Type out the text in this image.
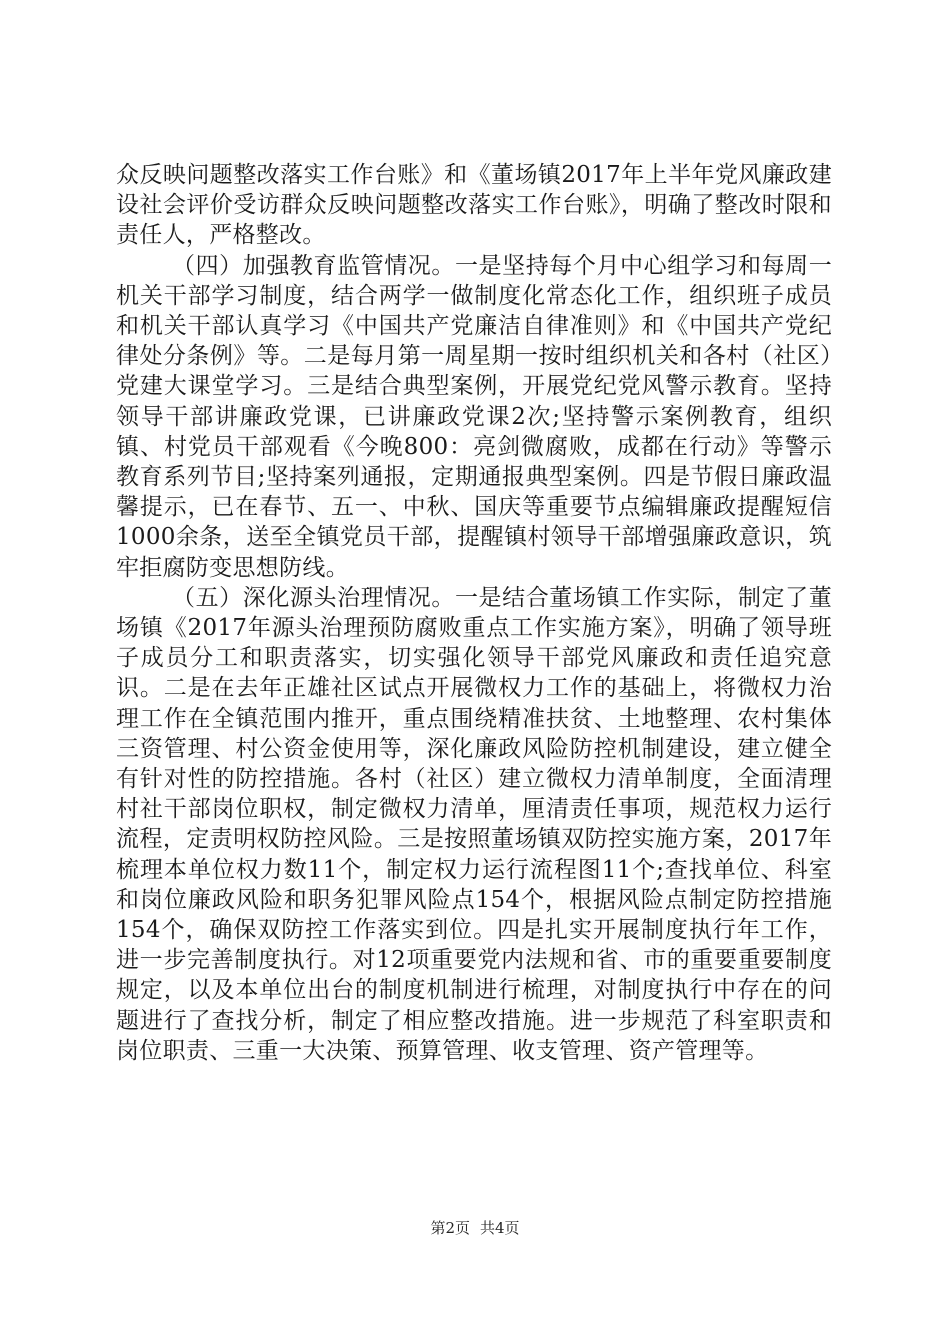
众反映问题整改落实工作台账》和《董场镇2017年上半年党风廉政建设社会评价受访群众反映问题整改落实工作台账》，明确了整改时限和责任人，严格整改。

（四）加强教育监管情况。一是坚持每个月中心组学习和每周一机关干部学习制度，结合两学一做制度化常态化工作，组织班子成员和机关干部认真学习《中国共产党廉洁自律准则》和《中国共产党纪律处分条例》等。二是每月第一周星期一按时组织机关和各村（社区）党建大课堂学习。三是结合典型案例，开展党纪党风警示教育。坚持领导干部讲廉政党课，已讲廉政党课2次;坚持警示案例教育，组织镇、村党员干部观看《今晚800：亮剑微腐败，成都在行动》等警示教育系列节目;坚持案列通报，定期通报典型案例。四是节假日廉政温馨提示，已在春节、五一、中秋、国庆等重要节点编辑廉政提醒短信1000余条，送至全镇党员干部，提醒镇村领导干部增强廉政意识，筑牢拒腐防变思想防线。

（五）深化源头治理情况。一是结合董场镇工作实际，制定了董场镇《2017年源头治理预防腐败重点工作实施方案》，明确了领导班子成员分工和职责落实，切实强化领导干部党风廉政和责任追究意识。二是在去年正雄社区试点开展微权力工作的基础上，将微权力治理工作在全镇范围内推开，重点围绕精准扶贫、土地整理、农村集体三资管理、村公资金使用等，深化廉政风险防控机制建设，建立健全有针对性的防控措施。各村（社区）建立微权力清单制度，全面清理村社干部岗位职权，制定微权力清单，厘清责任事项，规范权力运行流程，定责明权防控风险。三是按照董场镇双防控实施方案，2017年梳理本单位权力数11个，制定权力运行流程图11个;查找单位、科室和岗位廉政风险和职务犯罪风险点154个，根据风险点制定防控措施154个，确保双防控工作落实到位。四是扎实开展制度执行年工作，进一步完善制度执行。对12项重要党内法规和省、市的重要重要制度规定，以及本单位出台的制度机制进行梳理，对制度执行中存在的问题进行了查找分析，制定了相应整改措施。进一步规范了科室职责和岗位职责、三重一大决策、预算管理、收支管理、资产管理等。

第2页 共4页
